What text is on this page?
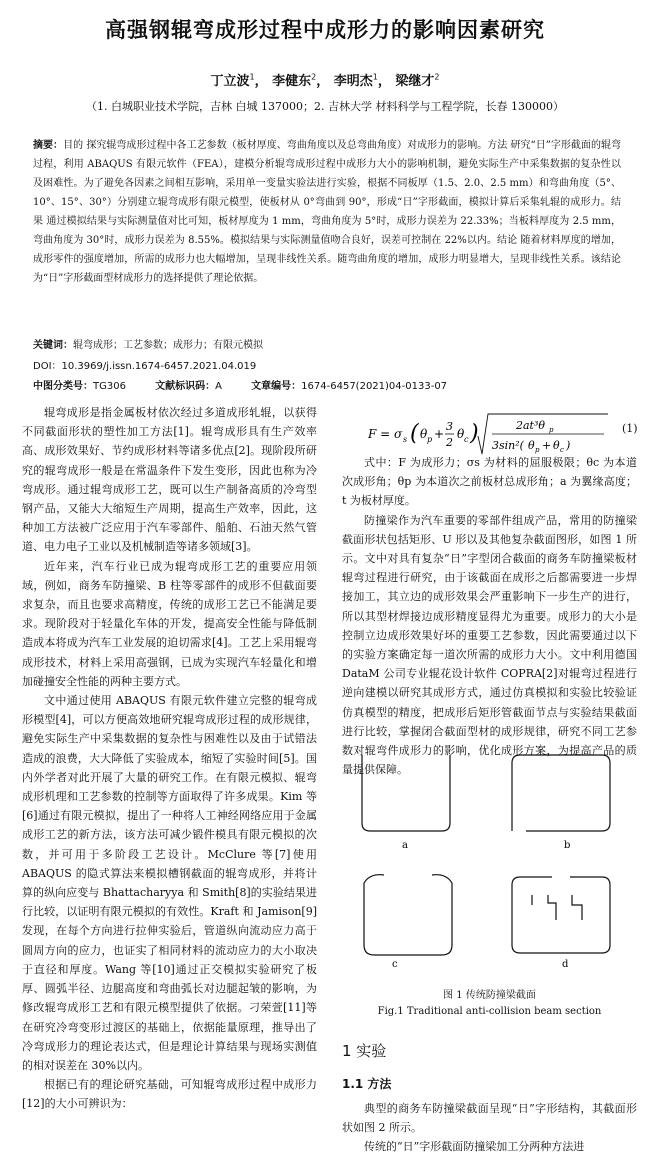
高强钢辊弯成形过程中成形力的影响因素研究
丁立波$^1$， 李健东$^2$， 李明杰$^1$， 梁继才$^2$
（1. 白城职业技术学院，吉林 白城 137000；2. 吉林大学 材料科学与工程学院，长春 130000）
摘要：目的 探究辊弯成形过程中各工艺参数（板材厚度、弯曲角度以及总弯曲角度）对成形力的影响。方法 研究“日”字形截面的辊弯过程，利用 ABAQUS 有限元软件（FEA），建模分析辊弯成形过程中成形力大小的影响机制，避免实际生产中采集数据的复杂性以及困难性。为了避免各因素之间相互影响，采用单一变量实验法进行实验，根据不同板厚（1.5、2.0、2.5 mm）和弯曲角度（5°、10°、15°、30°）分别建立辊弯成形有限元模型，使板材从 0°弯曲到 90°，形成“日”字形截面，模拟计算后采集轧辊的成形力。结果 通过模拟结果与实际测量值对比可知，板材厚度为 1 mm，弯曲角度为 5°时，成形力误差为 22.33%；当板料厚度为 2.5 mm，弯曲角度为 30°时，成形力误差为 8.55%。模拟结果与实际测量值吻合良好，误差可控制在 22%以内。结论 随着材料厚度的增加，成形零件的强度增加，所需的成形力也大幅增加，呈现非线性关系。随弯曲角度的增加，成形力明显增大，呈现非线性关系。该结论为“日”字形截面型材成形力的选择提供了理论依据。
关键词：辊弯成形；工艺参数；成形力；有限元模拟
DOI：10.3969/j.issn.1674-6457.2021.04.019
中图分类号：TG306	文献标识码：A	文章编号：1674-6457(2021)04-0133-07

辊弯成形是指金属板材依次经过多道成形轧辊，以获得不同截面形状的塑性加工方法[1]。辊弯成形具有生产效率高、成形效果好、节约成形材料等诸多优点[2]。现阶段所研究的辊弯成形一般是在常温条件下发生变形，因此也称为冷弯成形。通过辊弯成形工艺，既可以生产制备高质的冷弯型钢产品，又能大大缩短生产周期，提高生产效率，因此，这种加工方法被广泛应用于汽车零部件、船舶、石油天然气管道、电力电子工业以及机械制造等诸多领域[3]。

近年来，汽车行业已成为辊弯成形工艺的重要应用领域，例如，商务车防撞梁、B 柱等零部件的成形不但截面要求复杂，而且也要求高精度，传统的成形工艺已不能满足要求。现阶段对于轻量化车体的开发，提高安全性能与降低制造成本将成为汽车工业发展的迫切需求[4]。工艺上采用辊弯成形技术，材料上采用高强钢，已成为实现汽车轻量化和增加碰撞安全性能的两种主要方式。

文中通过使用 ABAQUS 有限元软件建立完整的辊弯成形模型[4]，可以方便高效地研究辊弯成形过程的成形规律，避免实际生产中采集数据的复杂性与困难性以及由于试错法造成的浪费，大大降低了实验成本，缩短了实验时间[5]。国内外学者对此开展了大量的研究工作。在有限元模拟、辊弯成形机理和工艺参数的控制等方面取得了许多成果。Kim 等[6]通过有限元模拟，提出了一种将人工神经网络应用于金属成形工艺的新方法，该方法可减少锻件模具有限元模拟的次数，并可用于多阶段工艺设计。McClure 等[7]使用 ABAQUS 的隐式算法来模拟槽钢截面的辊弯成形，并将计算的纵向应变与 Bhattacharyya 和 Smith[8]的实验结果进行比较，以证明有限元模拟的有效性。Kraft 和 Jamison[9]发现，在每个方向进行拉伸实验后，管道纵向流动应力高于圆周方向的应力，也证实了相同材料的流动应力的大小取决于直径和厚度。Wang 等[10]通过正交模拟实验研究了板厚、圆弧半径、边腿高度和弯曲弧长对边腿起皱的影响，为修改辊弯成形工艺和有限元模型提供了依据。刁荣萱[11]等在研究冷弯变形过渡区的基础上，依据能量原理，推导出了冷弯成形力的理论表达式，但是理论计算结果与现场实测值的相对误差在 30%以内。

根据已有的理论研究基础，可知辊弯成形过程中成形力[12]的大小可辨识为：

F = σ s ( θ p +
3
2
θ c )	2at³θ p
3sin²( θ p + θ c )
(1)

式中：F 为成形力；σs 为材料的屈服极限；θc 为本道次成形角；θp 为本道次之前板材总成形角；a 为翼缘高度；t 为板材厚度。

防撞梁作为汽车重要的零部件组成产品，常用的防撞梁截面形状包括矩形、U 形以及其他复杂截面图形，如图 1 所示。文中对具有复杂“日”字型闭合截面的商务车防撞梁板材辊弯过程进行研究，由于该截面在成形之后都需要进一步焊接加工，其立边的成形效果会严重影响下一步生产的进行，所以其型材焊接边成形精度显得尤为重要。成形力的大小是控制立边成形效果好坏的重要工艺参数，因此需要通过以下的实验方案确定每一道次所需的成形力大小。文中利用德国 DataM 公司专业辊花设计软件 COPRA[2]对辊弯过程进行逆向建模以研究其成形方式，通过仿真模拟和实验比较验证仿真模型的精度，把成形后矩形管截面节点与实验结果截面进行比较，掌握闭合截面型材的成形规律，研究不同工艺参数对辊弯件成形力的影响，优化成形方案，为提高产品的质量提供保障。

a	b
c	d
图 1 传统防撞梁截面
Fig.1 Traditional anti-collision beam section
1 实验
1.1 方法

典型的商务车防撞梁截面呈现“日”字形结构，其截面形状如图 2 所示。

传统的“日”字形截面防撞梁加工分两种方法进
